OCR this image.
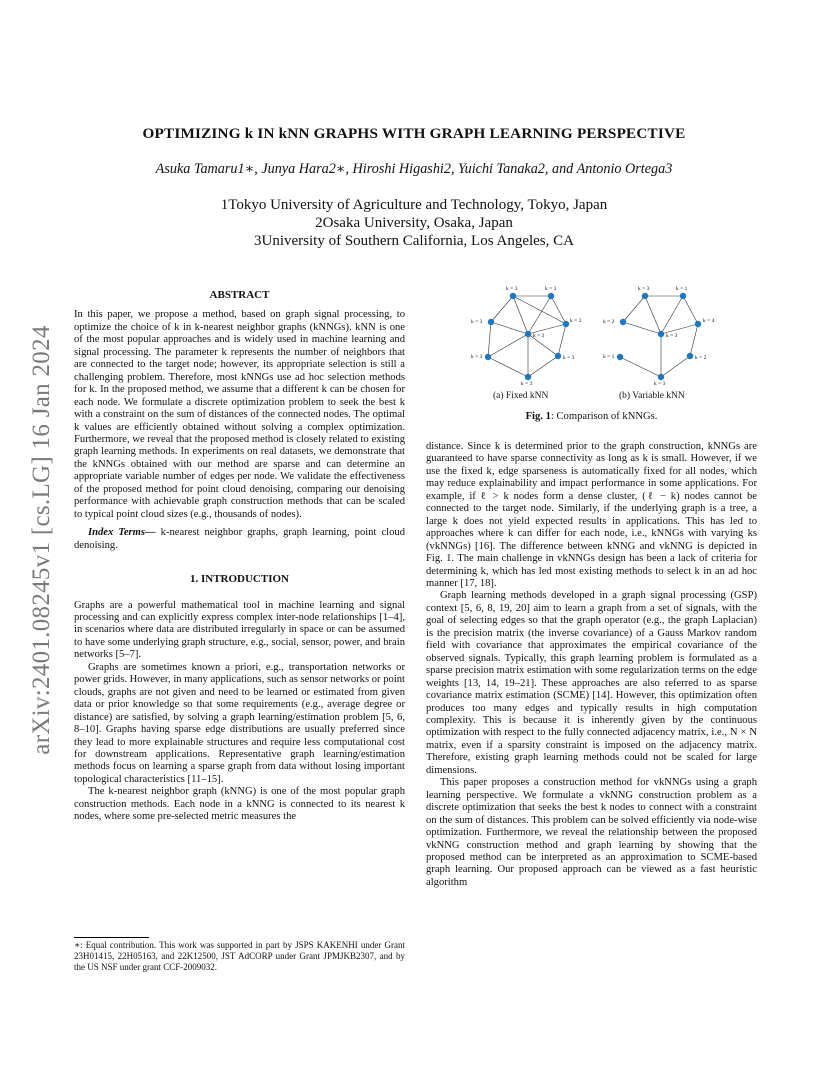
arXiv:2401.08245v1 [cs.LG] 16 Jan 2024
OPTIMIZING k IN kNN GRAPHS WITH GRAPH LEARNING PERSPECTIVE
Asuka Tamaru1∗, Junya Hara2∗, Hiroshi Higashi2, Yuichi Tanaka2, and Antonio Ortega3
1Tokyo University of Agriculture and Technology, Tokyo, Japan
2Osaka University, Osaka, Japan
3University of Southern California, Los Angeles, CA
ABSTRACT

In this paper, we propose a method, based on graph signal processing, to optimize the choice of k in k-nearest neighbor graphs (kNNGs). kNN is one of the most popular approaches and is widely used in machine learning and signal processing. The parameter k represents the number of neighbors that are connected to the target node; however, its appropriate selection is still a challenging problem. Therefore, most kNNGs use ad hoc selection methods for k. In the proposed method, we assume that a different k can be chosen for each node. We formulate a discrete optimization problem to seek the best k with a constraint on the sum of distances of the connected nodes. The optimal k values are efficiently obtained without solving a complex optimization. Furthermore, we reveal that the proposed method is closely related to existing graph learning methods. In experiments on real datasets, we demonstrate that the kNNGs obtained with our method are sparse and can determine an appropriate variable number of edges per node. We validate the effectiveness of the proposed method for point cloud denoising, comparing our denoising performance with achievable graph construction methods that can be scaled to typical point cloud sizes (e.g., thousands of nodes).

Index Terms— k-nearest neighbor graphs, graph learning, point cloud denoising.

1. INTRODUCTION

Graphs are a powerful mathematical tool in machine learning and signal processing and can explicitly express complex inter-node relationships [1–4], in scenarios where data are distributed irregularly in space or can be assumed to have some underlying graph structure, e.g., social, sensor, power, and brain networks [5–7].

Graphs are sometimes known a priori, e.g., transportation networks or power grids. However, in many applications, such as sensor networks or point clouds, graphs are not given and need to be learned or estimated from given data or prior knowledge so that some requirements (e.g., average degree or distance) are satisfied, by solving a graph learning/estimation problem [5, 6, 8–10]. Graphs having sparse edge distributions are usually preferred since they lead to more explainable structures and require less computational cost for downstream applications. Representative graph learning/estimation methods focus on learning a sparse graph from data without losing important topological characteristics [11–15].

The k-nearest neighbor graph (kNNG) is one of the most popular graph construction methods. Each node in a kNNG is connected to its nearest k nodes, where some pre-selected metric measures the

∗: Equal contribution. This work was supported in part by JSPS KAKENHI under Grant 23H01415, 22H05163, and 22K12500, JST AdCORP under Grant JPMJKB2307, and by the US NSF under grant CCF-2009032.
k = 3	k = 3
k = 3	k = 3
k = 3
k = 3	k = 3
k = 3
k = 3	k = 1
k = 2	k = 4
k = 3
k = 1	k = 2
k = 3
(a) Fixed kNN	(b) Variable kNN
Fig. 1: Comparison of kNNGs.

distance. Since k is determined prior to the graph construction, kNNGs are guaranteed to have sparse connectivity as long as k is small. However, if we use the fixed k, edge sparseness is automatically fixed for all nodes, which may reduce explainability and impact performance in some applications. For example, if ℓ > k nodes form a dense cluster, (ℓ − k) nodes cannot be connected to the target node. Similarly, if the underlying graph is a tree, a large k does not yield expected results in applications. This has led to approaches where k can differ for each node, i.e., kNNGs with varying ks (vkNNGs) [16]. The difference between kNNG and vkNNG is depicted in Fig. 1. The main challenge in vkNNGs design has been a lack of criteria for determining k, which has led most existing methods to select k in an ad hoc manner [17, 18].

Graph learning methods developed in a graph signal processing (GSP) context [5, 6, 8, 19, 20] aim to learn a graph from a set of signals, with the goal of selecting edges so that the graph operator (e.g., the graph Laplacian) is the precision matrix (the inverse covariance) of a Gauss Markov random field with covariance that approximates the empirical covariance of the observed signals. Typically, this graph learning problem is formulated as a sparse precision matrix estimation with some regularization terms on the edge weights [13, 14, 19–21]. These approaches are also referred to as sparse covariance matrix estimation (SCME) [14]. However, this optimization often produces too many edges and typically results in high computation complexity. This is because it is inherently given by the continuous optimization with respect to the fully connected adjacency matrix, i.e., N × N matrix, even if a sparsity constraint is imposed on the adjacency matrix. Therefore, existing graph learning methods could not be scaled for large dimensions.

This paper proposes a construction method for vkNNGs using a graph learning perspective. We formulate a vkNNG construction problem as a discrete optimization that seeks the best k nodes to connect with a constraint on the sum of distances. This problem can be solved efficiently via node-wise optimization. Furthermore, we reveal the relationship between the proposed vkNNG construction method and graph learning by showing that the proposed method can be interpreted as an approximation to SCME-based graph learning. Our proposed approach can be viewed as a fast heuristic algorithm
